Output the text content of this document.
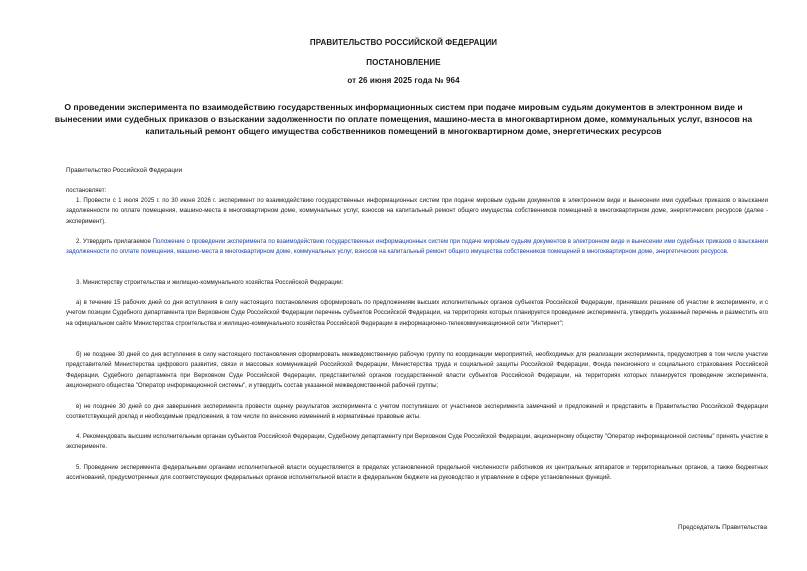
ПРАВИТЕЛЬСТВО РОССИЙСКОЙ ФЕДЕРАЦИИ
ПОСТАНОВЛЕНИЕ
от 26 июня 2025 года № 964
О проведении эксперимента по взаимодействию государственных информационных систем при подаче мировым судьям документов в электронном виде и вынесении ими судебных приказов о взыскании задолженности по оплате помещения, машино-места в многоквартирном доме, коммунальных услуг, взносов на капитальный ремонт общего имущества собственников помещений в многоквартирном доме, энергетических ресурсов
Правительство Российской Федерации
постановляет:
1. Провести с 1 июля 2025 г. по 30 июня 2026 г. эксперимент по взаимодействию государственных информационных систем при подаче мировым судьям документов в электронном виде и вынесении ими судебных приказов о взыскании задолженности по оплате помещения, машино-места в многоквартирном доме, коммунальных услуг, взносов на капитальный ремонт общего имущества собственников помещений в многоквартирном доме, энергетических ресурсов (далее - эксперимент).
2. Утвердить прилагаемое Положение о проведении эксперимента по взаимодействию государственных информационных систем при подаче мировым судьям документов в электронном виде и вынесении ими судебных приказов о взыскании задолженности по оплате помещения, машино-места в многоквартирном доме, коммунальных услуг, взносов на капитальный ремонт общего имущества собственников помещений в многоквартирном доме, энергетических ресурсов.
3. Министерству строительства и жилищно-коммунального хозяйства Российской Федерации:
а) в течение 15 рабочих дней со дня вступления в силу настоящего постановления сформировать по предложениям высших исполнительных органов субъектов Российской Федерации, принявших решение об участии в эксперименте, и с учетом позиции Судебного департамента при Верховном Суде Российской Федерации перечень субъектов Российской Федерации, на территориях которых планируется проведение эксперимента, утвердить указанный перечень и разместить его на официальном сайте Министерства строительства и жилищно-коммунального хозяйства Российской Федерации в информационно-телекоммуникационной сети "Интернет";
б) не позднее 30 дней со дня вступления в силу настоящего постановления сформировать межведомственную рабочую группу по координации мероприятий, необходимых для реализации эксперимента, предусмотрев в том числе участие представителей Министерства цифрового развития, связи и массовых коммуникаций Российской Федерации, Министерства труда и социальной защиты Российской Федерации, Фонда пенсионного и социального страхования Российской Федерации, Судебного департамента при Верховном Суде Российской Федерации, представителей органов государственной власти субъектов Российской Федерации, на территориях которых планируется проведение эксперимента, акционерного общества "Оператор информационной системы", и утвердить состав указанной межведомственной рабочей группы;
в) не позднее 30 дней со дня завершения эксперимента провести оценку результатов эксперимента с учетом поступивших от участников эксперимента замечаний и предложений и представить в Правительство Российской Федерации соответствующий доклад и необходимые предложения, в том числе по внесению изменений в нормативные правовые акты.
4. Рекомендовать высшим исполнительным органам субъектов Российской Федерации, Судебному департаменту при Верховном Суде Российской Федерации, акционерному обществу "Оператор информационной системы" принять участие в эксперименте.
5. Проведение эксперимента федеральными органами исполнительной власти осуществляется в пределах установленной предельной численности работников их центральных аппаратов и территориальных органов, а также бюджетных ассигнований, предусмотренных для соответствующих федеральных органов исполнительной власти в федеральном бюджете на руководство и управление в сфере установленных функций.
Председатель Правительства
